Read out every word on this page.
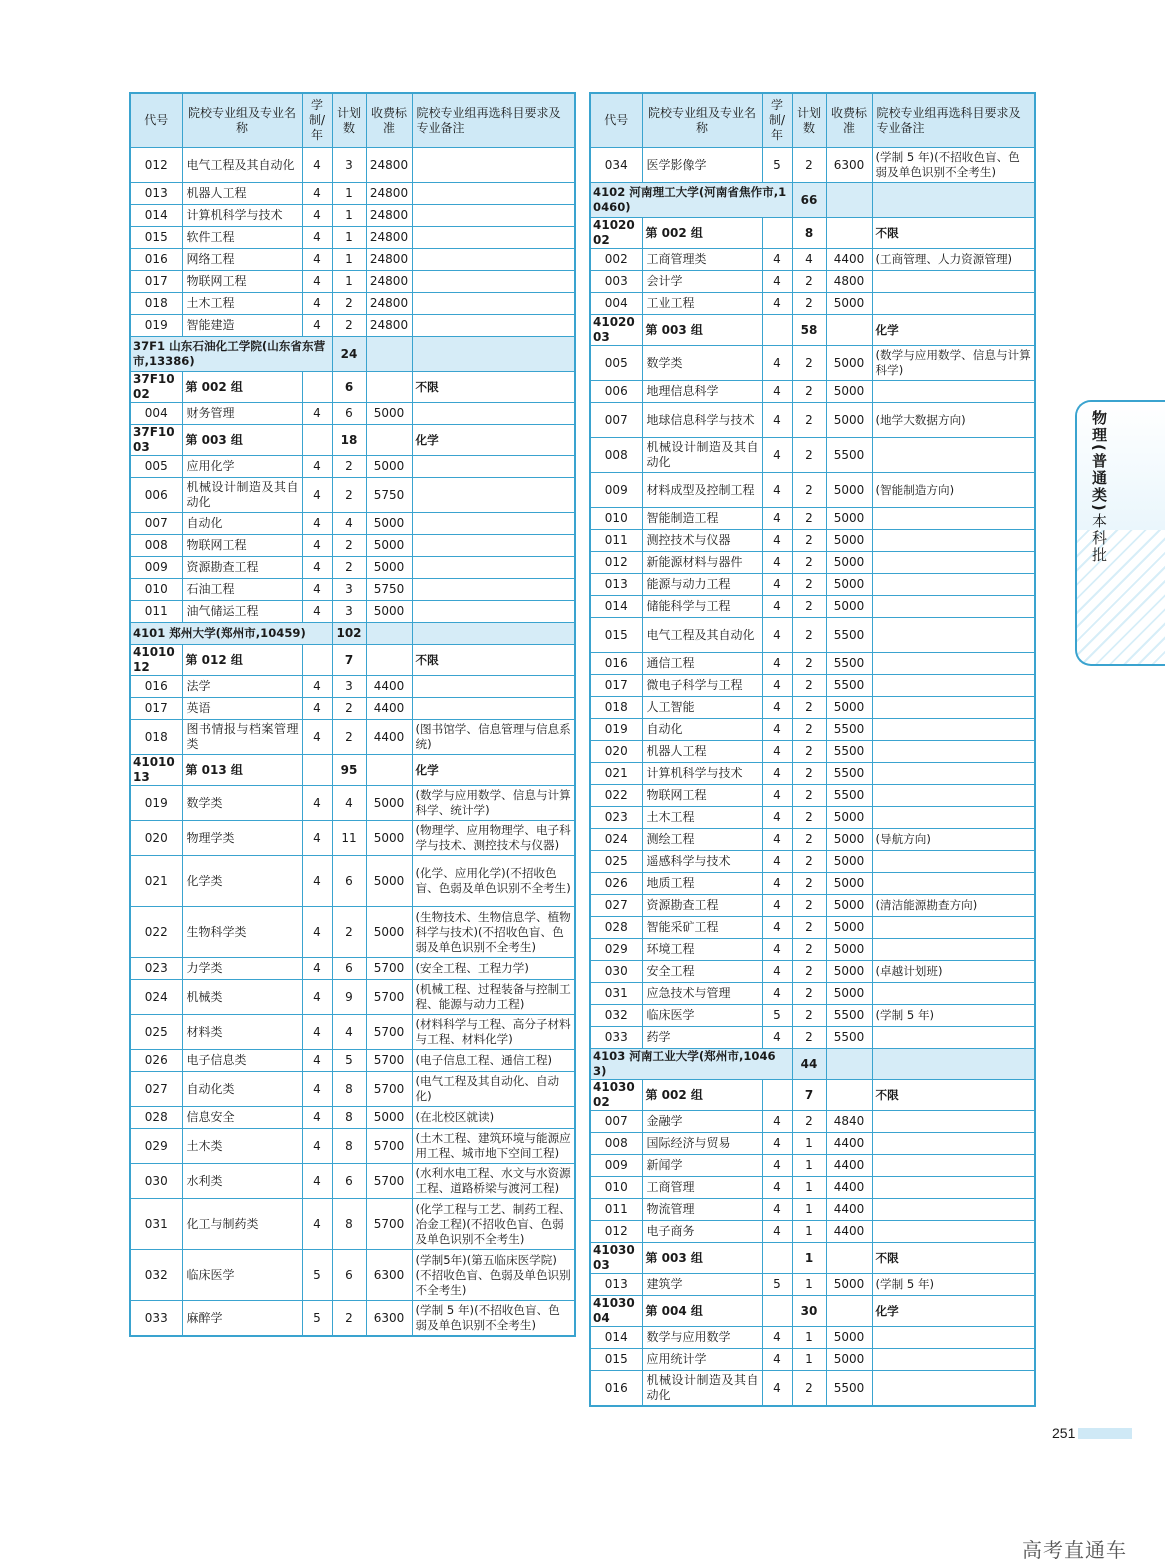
代号	院校专业组及专业名称	学制/年	计划数	收费标准	院校专业组再选科目要求及专业备注
012	电气工程及其自动化	4	3	24800	
013	机器人工程	4	1	24800	
014	计算机科学与技术	4	1	24800	
015	软件工程	4	1	24800	
016	网络工程	4	1	24800	
017	物联网工程	4	1	24800	
018	土木工程	4	2	24800	
019	智能建造	4	2	24800	
37F1 山东石油化工学院(山东省东营市,13386)			24		
37F1002	第 002 组		6		不限
004	财务管理	4	6	5000	
37F1003	第 003 组		18		化学
005	应用化学	4	2	5000	
006	机械设计制造及其自动化	4	2	5750	
007	自动化	4	4	5000	
008	物联网工程	4	2	5000	
009	资源勘查工程	4	2	5000	
010	石油工程	4	3	5750	
011	油气储运工程	4	3	5000	
4101 郑州大学(郑州市,10459)			102		
4101012	第 012 组		7		不限
016	法学	4	3	4400	
017	英语	4	2	4400	
018	图书情报与档案管理类	4	2	4400	(图书馆学、信息管理与信息系统)
4101013	第 013 组		95		化学
019	数学类	4	4	5000	(数学与应用数学、信息与计算科学、统计学)
020	物理学类	4	11	5000	(物理学、应用物理学、电子科学与技术、测控技术与仪器)
021	化学类	4	6	5000	(化学、应用化学)(不招收色盲、色弱及单色识别不全考生)
022	生物科学类	4	2	5000	(生物技术、生物信息学、植物科学与技术)(不招收色盲、色弱及单色识别不全考生)
023	力学类	4	6	5700	(安全工程、工程力学)
024	机械类	4	9	5700	(机械工程、过程装备与控制工程、能源与动力工程)
025	材料类	4	4	5700	(材料科学与工程、高分子材料与工程、材料化学)
026	电子信息类	4	5	5700	(电子信息工程、通信工程)
027	自动化类	4	8	5700	(电气工程及其自动化、自动化)
028	信息安全	4	8	5000	(在北校区就读)
029	土木类	4	8	5700	(土木工程、建筑环境与能源应用工程、城市地下空间工程)
030	水利类	4	6	5700	(水利水电工程、水文与水资源工程、道路桥梁与渡河工程)
031	化工与制药类	4	8	5700	(化学工程与工艺、制药工程、冶金工程)(不招收色盲、色弱及单色识别不全考生)
032	临床医学	5	6	6300	(学制5年)(第五临床医学院)(不招收色盲、色弱及单色识别不全考生)
033	麻醉学	5	2	6300	(学制 5 年)(不招收色盲、色弱及单色识别不全考生)
代号	院校专业组及专业名称	学制/年	计划数	收费标准	院校专业组再选科目要求及专业备注
034	医学影像学	5	2	6300	(学制 5 年)(不招收色盲、色弱及单色识别不全考生)
4102 河南理工大学(河南省焦作市,10460)			66		
4102002	第 002 组		8		不限
002	工商管理类	4	4	4400	(工商管理、人力资源管理)
003	会计学	4	2	4800	
004	工业工程	4	2	5000	
4102003	第 003 组		58		化学
005	数学类	4	2	5000	(数学与应用数学、信息与计算科学)
006	地理信息科学	4	2	5000	
007	地球信息科学与技术	4	2	5000	(地学大数据方向)
008	机械设计制造及其自动化	4	2	5500	
009	材料成型及控制工程	4	2	5000	(智能制造方向)
010	智能制造工程	4	2	5000	
011	测控技术与仪器	4	2	5000	
012	新能源材料与器件	4	2	5000	
013	能源与动力工程	4	2	5000	
014	储能科学与工程	4	2	5000	
015	电气工程及其自动化	4	2	5500	
016	通信工程	4	2	5500	
017	微电子科学与工程	4	2	5500	
018	人工智能	4	2	5000	
019	自动化	4	2	5500	
020	机器人工程	4	2	5500	
021	计算机科学与技术	4	2	5500	
022	物联网工程	4	2	5500	
023	土木工程	4	2	5000	
024	测绘工程	4	2	5000	(导航方向)
025	遥感科学与技术	4	2	5000	
026	地质工程	4	2	5000	
027	资源勘查工程	4	2	5000	(清洁能源勘查方向)
028	智能采矿工程	4	2	5000	
029	环境工程	4	2	5000	
030	安全工程	4	2	5000	(卓越计划班)
031	应急技术与管理	4	2	5000	
032	临床医学	5	2	5500	(学制 5 年)
033	药学	4	2	5500	
4103 河南工业大学(郑州市,10463)			44		
4103002	第 002 组		7		不限
007	金融学	4	2	4840	
008	国际经济与贸易	4	1	4400	
009	新闻学	4	1	4400	
010	工商管理	4	1	4400	
011	物流管理	4	1	4400	
012	电子商务	4	1	4400	
4103003	第 003 组		1		不限
013	建筑学	5	1	5000	(学制 5 年)
4103004	第 004 组		30		化学
014	数学与应用数学	4	1	5000	
015	应用统计学	4	1	5000	
016	机械设计制造及其自动化	4	2	5500	
物理(普通类)本科批
251
高考直通车
